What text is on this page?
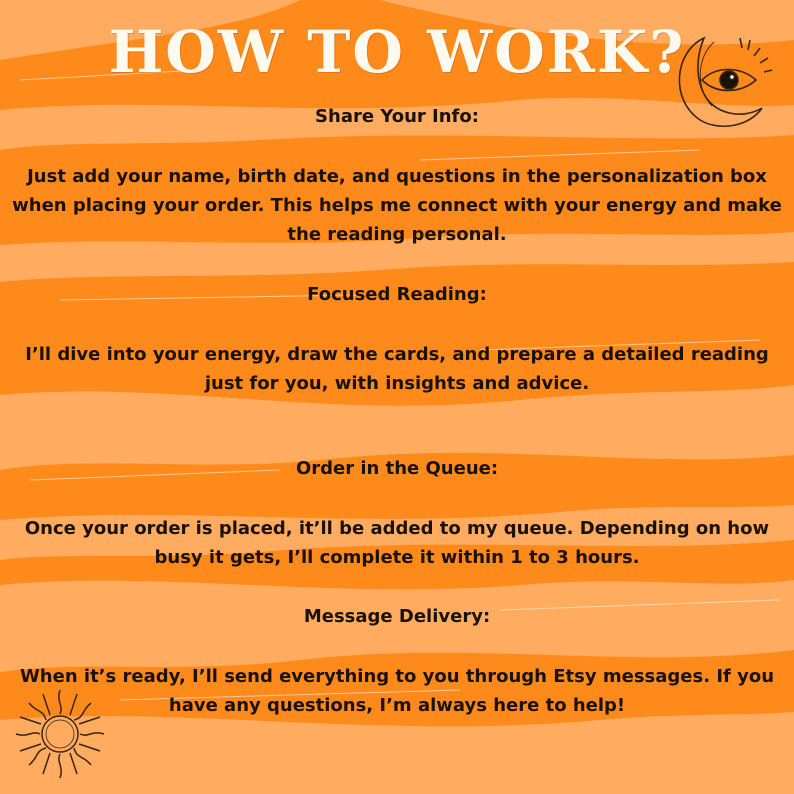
HOW TO WORK?
Share Your Info:
Just add your name, birth date, and questions in the personalization box when placing your order. This helps me connect with your energy and make the reading personal.
Focused Reading:
I’ll dive into your energy, draw the cards, and prepare a detailed reading just for you, with insights and advice.
Order in the Queue:
Once your order is placed, it’ll be added to my queue. Depending on how busy it gets, I’ll complete it within 1 to 3 hours.
Message Delivery:
When it’s ready, I’ll send everything to you through Etsy messages. If you have any questions, I’m always here to help!
